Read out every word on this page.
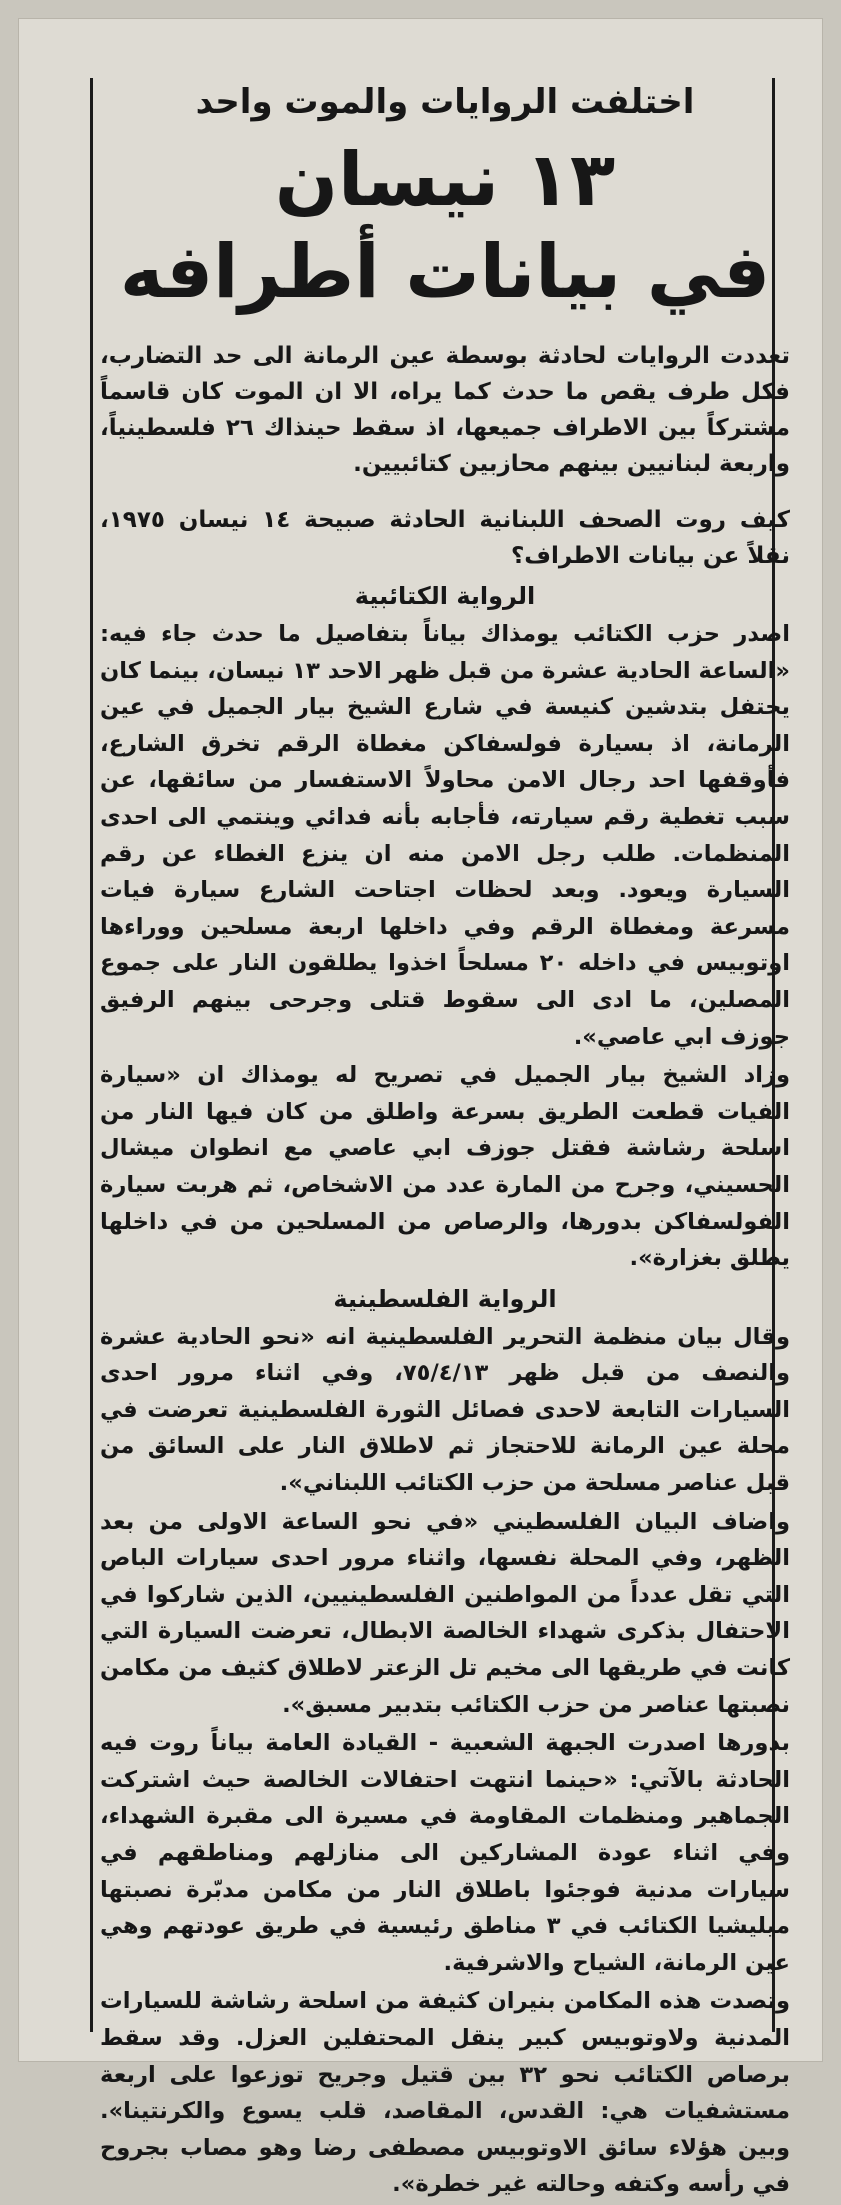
اختلفت الروايات والموت واحد
١٣ نيسان
في بيانات أطرافه

تعددت الروايات لحادثة بوسطة عين الرمانة الى حد التضارب، فكل طرف يقص ما حدث كما يراه، الا ان الموت كان قاسماً مشتركاً بين الاطراف جميعها، اذ سقط حينذاك ٢٦ فلسطينياً، واربعة لبنانيين بينهم محازبين كتائبيين.

كيف روت الصحف اللبنانية الحادثة صبيحة ١٤ نيسان ١٩٧٥، نقلاً عن بيانات الاطراف؟

الرواية الكتائبية

اصدر حزب الكتائب يومذاك بياناً بتفاصيل ما حدث جاء فيه: «الساعة الحادية عشرة من قبل ظهر الاحد ١٣ نيسان، بينما كان يحتفل بتدشين كنيسة في شارع الشيخ بيار الجميل في عين الرمانة، اذ بسيارة فولسفاكن مغطاة الرقم تخرق الشارع، فأوقفها احد رجال الامن محاولاً الاستفسار من سائقها، عن سبب تغطية رقم سيارته، فأجابه بأنه فدائي وينتمي الى احدى المنظمات. طلب رجل الامن منه ان ينزع الغطاء عن رقم السيارة ويعود. وبعد لحظات اجتاحت الشارع سيارة فيات مسرعة ومغطاة الرقم وفي داخلها اربعة مسلحين ووراءها اوتوبيس في داخله ٢٠ مسلحاً اخذوا يطلقون النار على جموع المصلين، ما ادى الى سقوط قتلى وجرحى بينهم الرفيق جوزف ابي عاصي».

وزاد الشيخ بيار الجميل في تصريح له يومذاك ان «سيارة الفيات قطعت الطريق بسرعة واطلق من كان فيها النار من اسلحة رشاشة فقتل جوزف ابي عاصي مع انطوان ميشال الحسيني، وجرح من المارة عدد من الاشخاص، ثم هربت سيارة الفولسفاكن بدورها، والرصاص من المسلحين من في داخلها يطلق بغزارة».

الرواية الفلسطينية

وقال بيان منظمة التحرير الفلسطينية انه «نحو الحادية عشرة والنصف من قبل ظهر ٧٥/٤/١٣، وفي اثناء مرور احدى السيارات التابعة لاحدى فصائل الثورة الفلسطينية تعرضت في محلة عين الرمانة للاحتجاز ثم لاطلاق النار على السائق من قبل عناصر مسلحة من حزب الكتائب اللبناني».

واضاف البيان الفلسطيني «في نحو الساعة الاولى من بعد الظهر، وفي المحلة نفسها، واثناء مرور احدى سيارات الباص التي تقل عدداً من المواطنين الفلسطينيين، الذين شاركوا في الاحتفال بذكرى شهداء الخالصة الابطال، تعرضت السيارة التي كانت في طريقها الى مخيم تل الزعتر لاطلاق كثيف من مكامن نصبتها عناصر من حزب الكتائب بتدبير مسبق».

بدورها اصدرت الجبهة الشعبية - القيادة العامة بياناً روت فيه الحادثة بالآتي: «حينما انتهت احتفالات الخالصة حيث اشتركت الجماهير ومنظمات المقاومة في مسيرة الى مقبرة الشهداء، وفي اثناء عودة المشاركين الى منازلهم ومناطقهم في سيارات مدنية فوجئوا باطلاق النار من مكامن مدبّرة نصبتها ميليشيا الكتائب في ٣ مناطق رئيسية في طريق عودتهم وهي عين الرمانة، الشياح والاشرفية.

وتصدت هذه المكامن بنيران كثيفة من اسلحة رشاشة للسيارات المدنية ولاوتوبيس كبير ينقل المحتفلين العزل. وقد سقط برصاص الكتائب نحو ٣٢ بين قتيل وجريح توزعوا على اربعة مستشفيات هي: القدس، المقاصد، قلب يسوع والكرنتينا». وبين هؤلاء سائق الاوتوبيس مصطفى رضا وهو مصاب بجروح في رأسه وكتفه وحالته غير خطرة».
